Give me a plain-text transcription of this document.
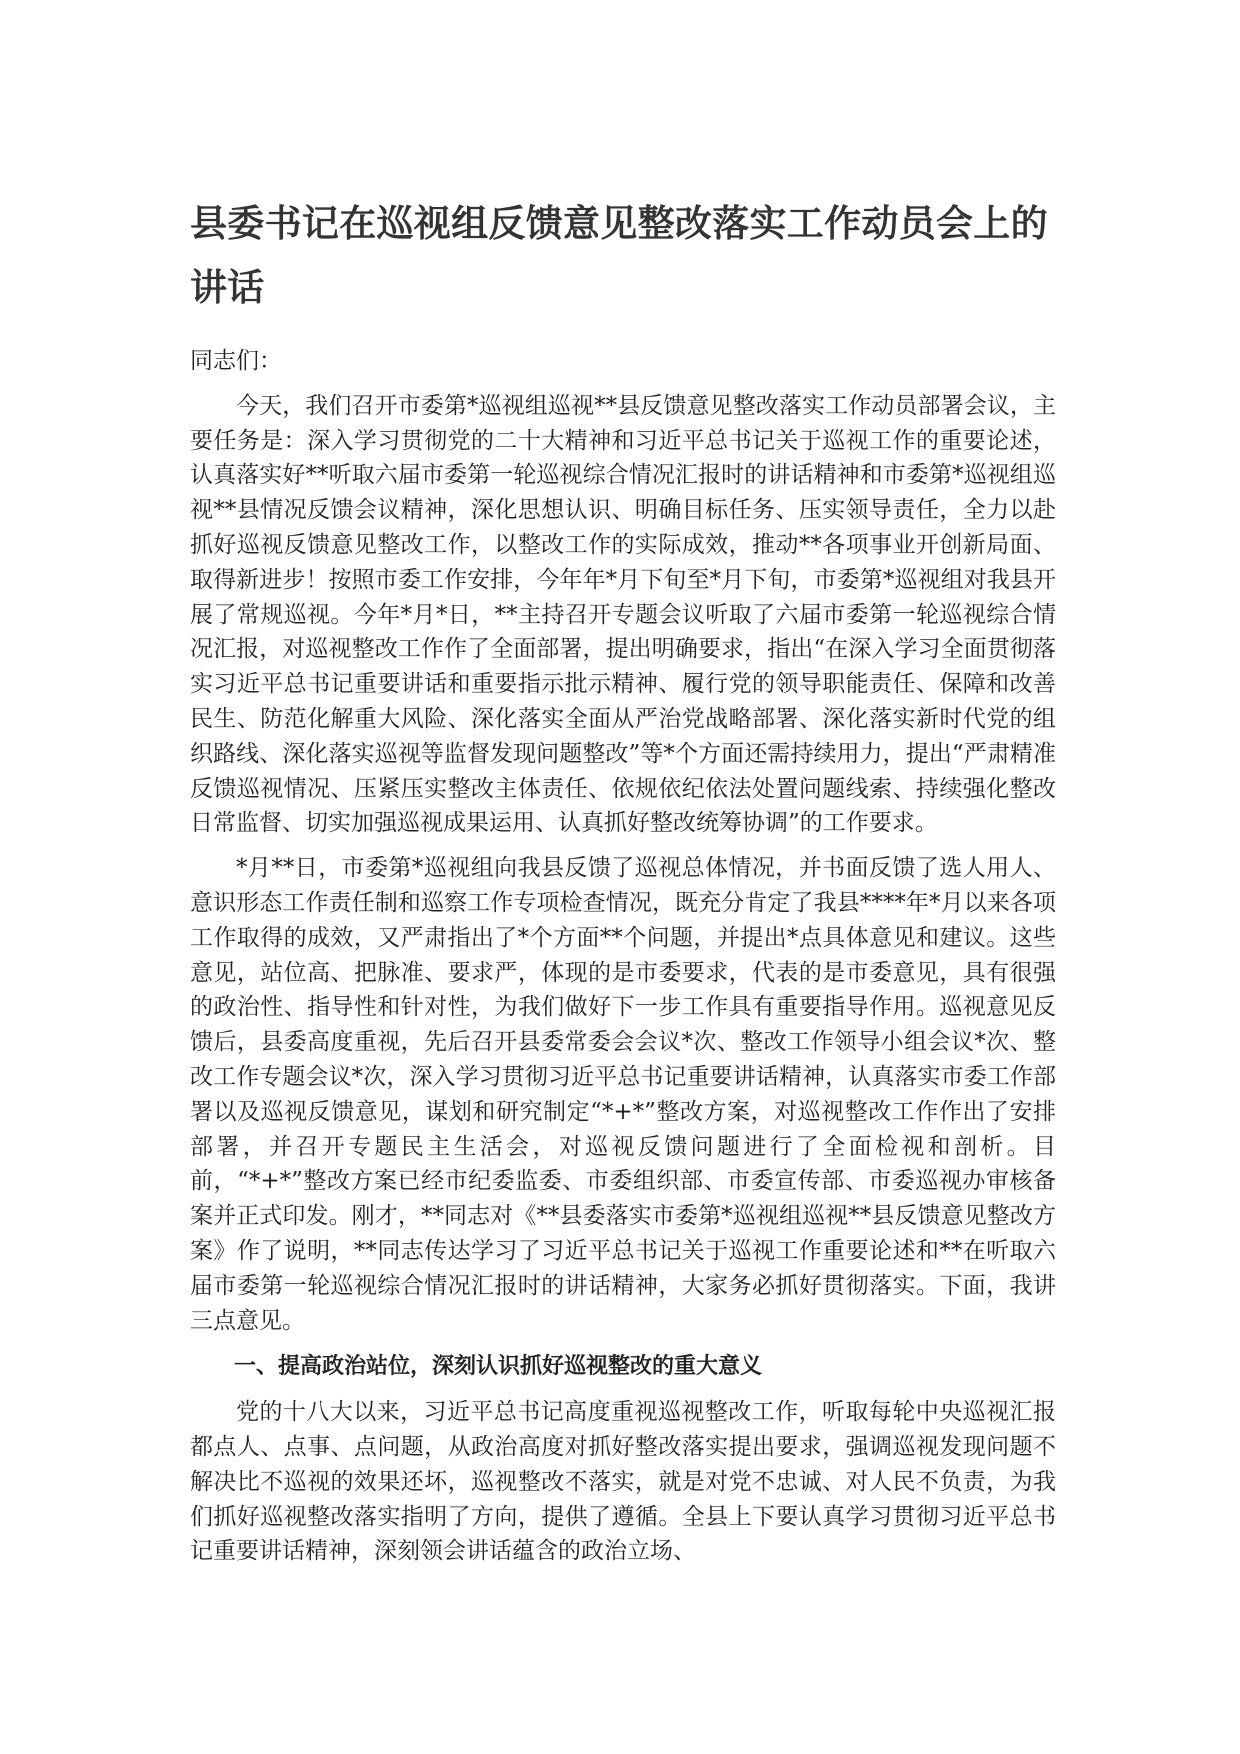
县委书记在巡视组反馈意见整改落实工作动员会上的讲话

同志们：

今天，我们召开市委第*巡视组巡视**县反馈意见整改落实工作动员部署会议，主要任务是：深入学习贯彻党的二十大精神和习近平总书记关于巡视工作的重要论述，认真落实好**听取六届市委第一轮巡视综合情况汇报时的讲话精神和市委第*巡视组巡视**县情况反馈会议精神，深化思想认识、明确目标任务、压实领导责任，全力以赴抓好巡视反馈意见整改工作，以整改工作的实际成效，推动**各项事业开创新局面、取得新进步！按照市委工作安排，今年年*月下旬至*月下旬，市委第*巡视组对我县开展了常规巡视。今年*月*日，**主持召开专题会议听取了六届市委第一轮巡视综合情况汇报，对巡视整改工作作了全面部署，提出明确要求，指出“在深入学习全面贯彻落实习近平总书记重要讲话和重要指示批示精神、履行党的领导职能责任、保障和改善民生、防范化解重大风险、深化落实全面从严治党战略部署、深化落实新时代党的组织路线、深化落实巡视等监督发现问题整改”等*个方面还需持续用力，提出“严肃精准反馈巡视情况、压紧压实整改主体责任、依规依纪依法处置问题线索、持续强化整改日常监督、切实加强巡视成果运用、认真抓好整改统筹协调”的工作要求。

*月**日，市委第*巡视组向我县反馈了巡视总体情况，并书面反馈了选人用人、意识形态工作责任制和巡察工作专项检查情况，既充分肯定了我县****年*月以来各项工作取得的成效，又严肃指出了*个方面**个问题，并提出*点具体意见和建议。这些意见，站位高、把脉准、要求严，体现的是市委要求，代表的是市委意见，具有很强的政治性、指导性和针对性，为我们做好下一步工作具有重要指导作用。巡视意见反馈后，县委高度重视，先后召开县委常委会会议*次、整改工作领导小组会议*次、整改工作专题会议*次，深入学习贯彻习近平总书记重要讲话精神，认真落实市委工作部署以及巡视反馈意见，谋划和研究制定“*+*”整改方案，对巡视整改工作作出了安排部署，并召开专题民主生活会，对巡视反馈问题进行了全面检视和剖析。目前，“*+*”整改方案已经市纪委监委、市委组织部、市委宣传部、市委巡视办审核备案并正式印发。刚才，**同志对《**县委落实市委第*巡视组巡视**县反馈意见整改方案》作了说明，**同志传达学习了习近平总书记关于巡视工作重要论述和**在听取六届市委第一轮巡视综合情况汇报时的讲话精神，大家务必抓好贯彻落实。下面，我讲三点意见。

一、提高政治站位，深刻认识抓好巡视整改的重大意义

党的十八大以来，习近平总书记高度重视巡视整改工作，听取每轮中央巡视汇报都点人、点事、点问题，从政治高度对抓好整改落实提出要求，强调巡视发现问题不解决比不巡视的效果还坏，巡视整改不落实，就是对党不忠诚、对人民不负责，为我们抓好巡视整改落实指明了方向，提供了遵循。全县上下要认真学习贯彻习近平总书记重要讲话精神，深刻领会讲话蕴含的政治立场、
